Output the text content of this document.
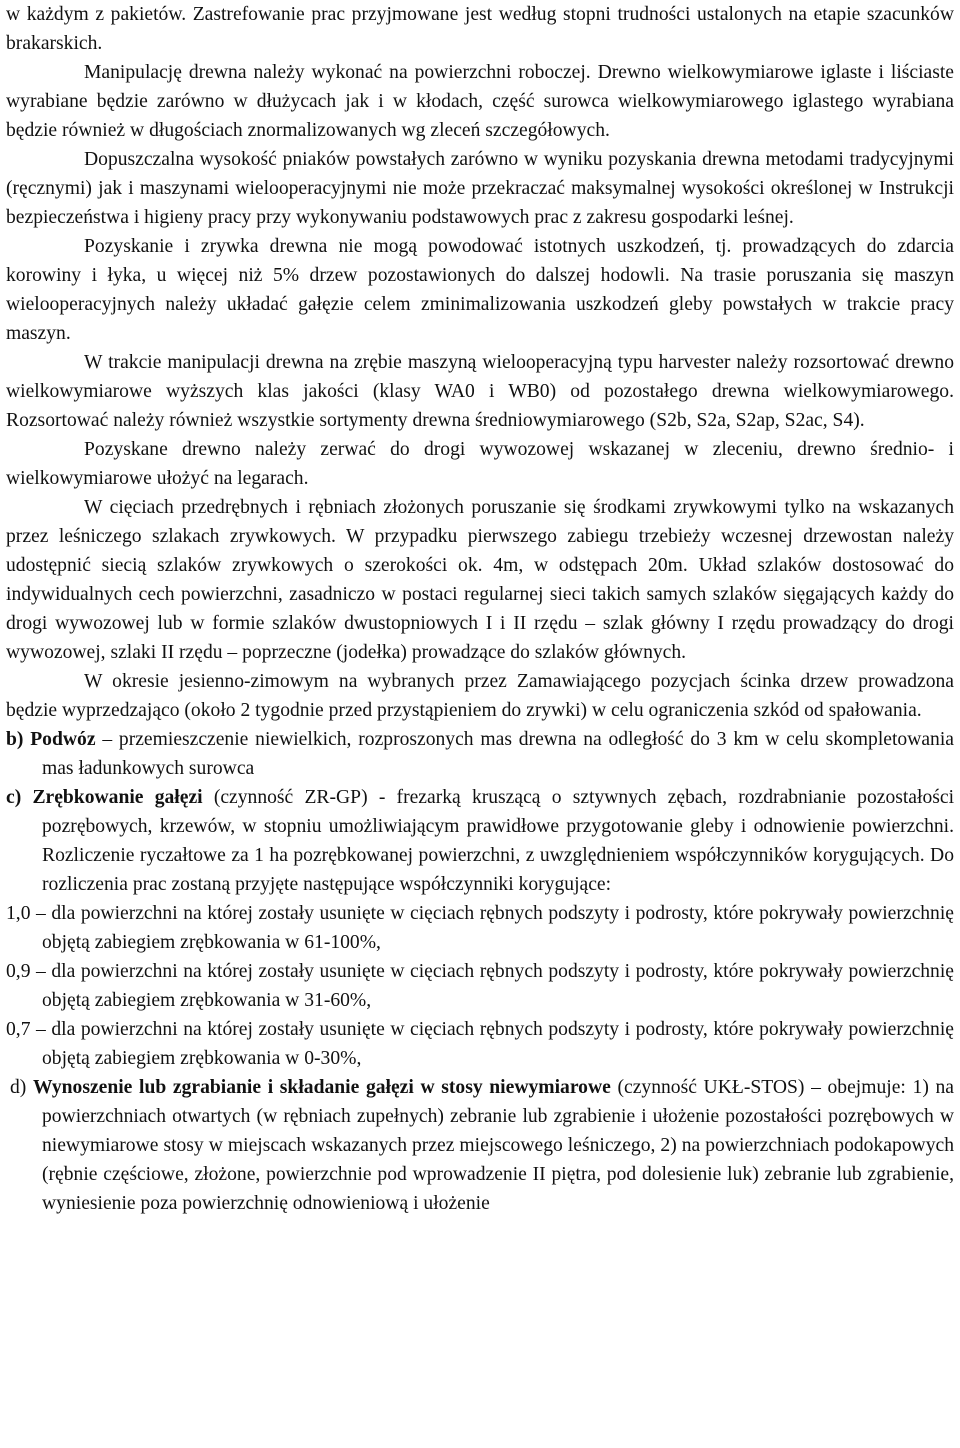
w każdym z pakietów. Zastrefowanie prac przyjmowane jest według stopni trudności ustalonych na etapie szacunków brakarskich.

Manipulację drewna należy wykonać na powierzchni roboczej. Drewno wielkowymiarowe iglaste i liściaste wyrabiane będzie zarówno w dłużycach jak i w kłodach, część surowca wielkowymiarowego iglastego wyrabiana będzie również w długościach znormalizowanych wg zleceń szczegółowych.

Dopuszczalna wysokość pniaków powstałych zarówno w wyniku pozyskania drewna metodami tradycyjnymi (ręcznymi) jak i maszynami wielooperacyjnymi nie może przekraczać maksymalnej wysokości określonej w Instrukcji bezpieczeństwa i higieny pracy przy wykonywaniu podstawowych prac z zakresu gospodarki leśnej.

Pozyskanie i zrywka drewna nie mogą powodować istotnych uszkodzeń, tj. prowadzących do zdarcia korowiny i łyka, u więcej niż 5% drzew pozostawionych do dalszej hodowli. Na trasie poruszania się maszyn wielooperacyjnych należy układać gałęzie celem zminimalizowania uszkodzeń gleby powstałych w trakcie pracy maszyn.

W trakcie manipulacji drewna na zrębie maszyną wielooperacyjną typu harvester należy rozsortować drewno wielkowymiarowe wyższych klas jakości (klasy WA0 i WB0) od pozostałego drewna wielkowymiarowego. Rozsortować należy również wszystkie sortymenty drewna średniowymiarowego (S2b, S2a, S2ap, S2ac, S4).

Pozyskane drewno należy zerwać do drogi wywozowej wskazanej w zleceniu, drewno średnio- i wielkowymiarowe ułożyć na legarach.

W cięciach przedrębnych i rębniach złożonych poruszanie się środkami zrywkowymi tylko na wskazanych przez leśniczego szlakach zrywkowych. W przypadku pierwszego zabiegu trzebieży wczesnej drzewostan należy udostępnić siecią szlaków zrywkowych o szerokości ok. 4m, w odstępach 20m. Układ szlaków dostosować do indywidualnych cech powierzchni, zasadniczo w postaci regularnej sieci takich samych szlaków sięgających każdy do drogi wywozowej lub w formie szlaków dwustopniowych I i II rzędu – szlak główny I rzędu prowadzący do drogi wywozowej, szlaki II rzędu – poprzeczne (jodełka) prowadzące do szlaków głównych.

W okresie jesienno-zimowym na wybranych przez Zamawiającego pozycjach ścinka drzew prowadzona będzie wyprzedzająco (około 2 tygodnie przed przystąpieniem do zrywki) w celu ograniczenia szkód od spałowania.

b) Podwóz – przemieszczenie niewielkich, rozproszonych mas drewna na odległość do 3 km w celu skompletowania mas ładunkowych surowca

c) Zrębkowanie gałęzi (czynność ZR-GP) - frezarką kruszącą o sztywnych zębach, rozdrabnianie pozostałości pozrębowych, krzewów, w stopniu umożliwiającym prawidłowe przygotowanie gleby i odnowienie powierzchni. Rozliczenie ryczałtowe za 1 ha pozrębkowanej powierzchni, z uwzględnieniem współczynników korygujących. Do rozliczenia prac zostaną przyjęte następujące współczynniki korygujące:

1,0 – dla powierzchni na której zostały usunięte w cięciach rębnych podszyty i podrosty, które pokrywały powierzchnię objętą zabiegiem zrębkowania w 61-100%,

0,9 – dla powierzchni na której zostały usunięte w cięciach rębnych podszyty i podrosty, które pokrywały powierzchnię objętą zabiegiem zrębkowania w 31-60%,

0,7 – dla powierzchni na której zostały usunięte w cięciach rębnych podszyty i podrosty, które pokrywały powierzchnię objętą zabiegiem zrębkowania w 0-30%,

d) Wynoszenie lub zgrabianie i składanie gałęzi w stosy niewymiarowe (czynność UKŁ-STOS) – obejmuje: 1) na powierzchniach otwartych (w rębniach zupełnych) zebranie lub zgrabienie i ułożenie pozostałości pozrębowych w niewymiarowe stosy w miejscach wskazanych przez miejscowego leśniczego, 2) na powierzchniach podokapowych (rębnie częściowe, złożone, powierzchnie pod wprowadzenie II piętra, pod dolesienie luk) zebranie lub zgrabienie, wyniesienie poza powierzchnię odnowieniową i ułożenie
